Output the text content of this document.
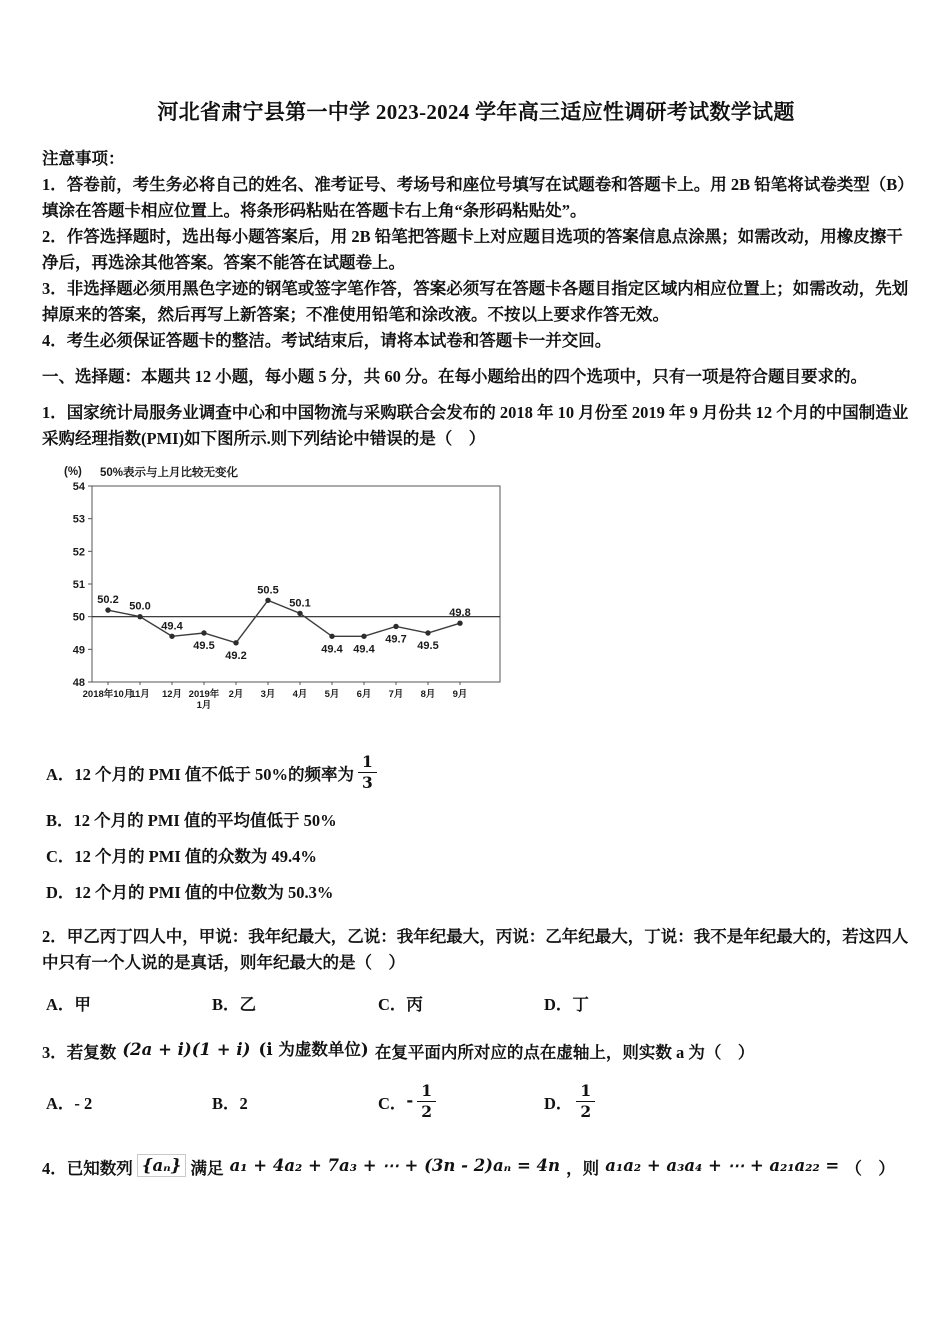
河北省肃宁县第一中学 2023-2024 学年高三适应性调研考试数学试题

注意事项：

1．答卷前，考生务必将自己的姓名、准考证号、考场号和座位号填写在试题卷和答题卡上。用 2B 铅笔将试卷类型（B）填涂在答题卡相应位置上。将条形码粘贴在答题卡右上角“条形码粘贴处”。

2．作答选择题时，选出每小题答案后，用 2B 铅笔把答题卡上对应题目选项的答案信息点涂黑；如需改动，用橡皮擦干净后，再选涂其他答案。答案不能答在试题卷上。

3．非选择题必须用黑色字迹的钢笔或签字笔作答，答案必须写在答题卡各题目指定区域内相应位置上；如需改动，先划掉原来的答案，然后再写上新答案；不准使用铅笔和涂改液。不按以上要求作答无效。

4．考生必须保证答题卡的整洁。考试结束后，请将本试卷和答题卡一并交回。

一、选择题：本题共 12 小题，每小题 5 分，共 60 分。在每小题给出的四个选项中，只有一项是符合题目要求的。

1．国家统计局服务业调查中心和中国物流与采购联合会发布的 2018 年 10 月份至 2019 年 9 月份共 12 个月的中国制造业采购经理指数(PMI)如下图所示.则下列结论中错误的是（　）

(%) 50%表示与上月比较无变化
48
49
50
51
52
53
54
50.2
2018年10月
50.0
11月
49.4
12月
49.5
2019年 1月
49.2
2月
50.5
3月
50.1
4月
49.4
5月
49.4
6月
49.7
7月
49.5
8月
49.8
9月
A．12 个月的 PMI 值不低于 50%的频率为 $\frac{1}{3}$
B．12 个月的 PMI 值的平均值低于 50%
C．12 个月的 PMI 值的众数为 49.4%
D．12 个月的 PMI 值的中位数为 50.3%

2．甲乙丙丁四人中，甲说：我年纪最大，乙说：我年纪最大，丙说：乙年纪最大，丁说：我不是年纪最大的，若这四人中只有一个人说的是真话，则年纪最大的是（　）

A．甲	B．乙	C．丙	D．丁

3．若复数 (2a + i)(1 + i) (i 为虚数单位) 在复平面内所对应的点在虚轴上，则实数 a 为（　）

A．- 2	B．2	C． - $\frac{1}{2}$	D． $\frac{1}{2}$

4．已知数列 {aₙ} 满足 a₁ + 4a₂ + 7a₃ + ⋯ + (3n - 2)aₙ = 4n ，则 a₁a₂ + a₃a₄ + ⋯ + a₂₁a₂₂ = （　）
